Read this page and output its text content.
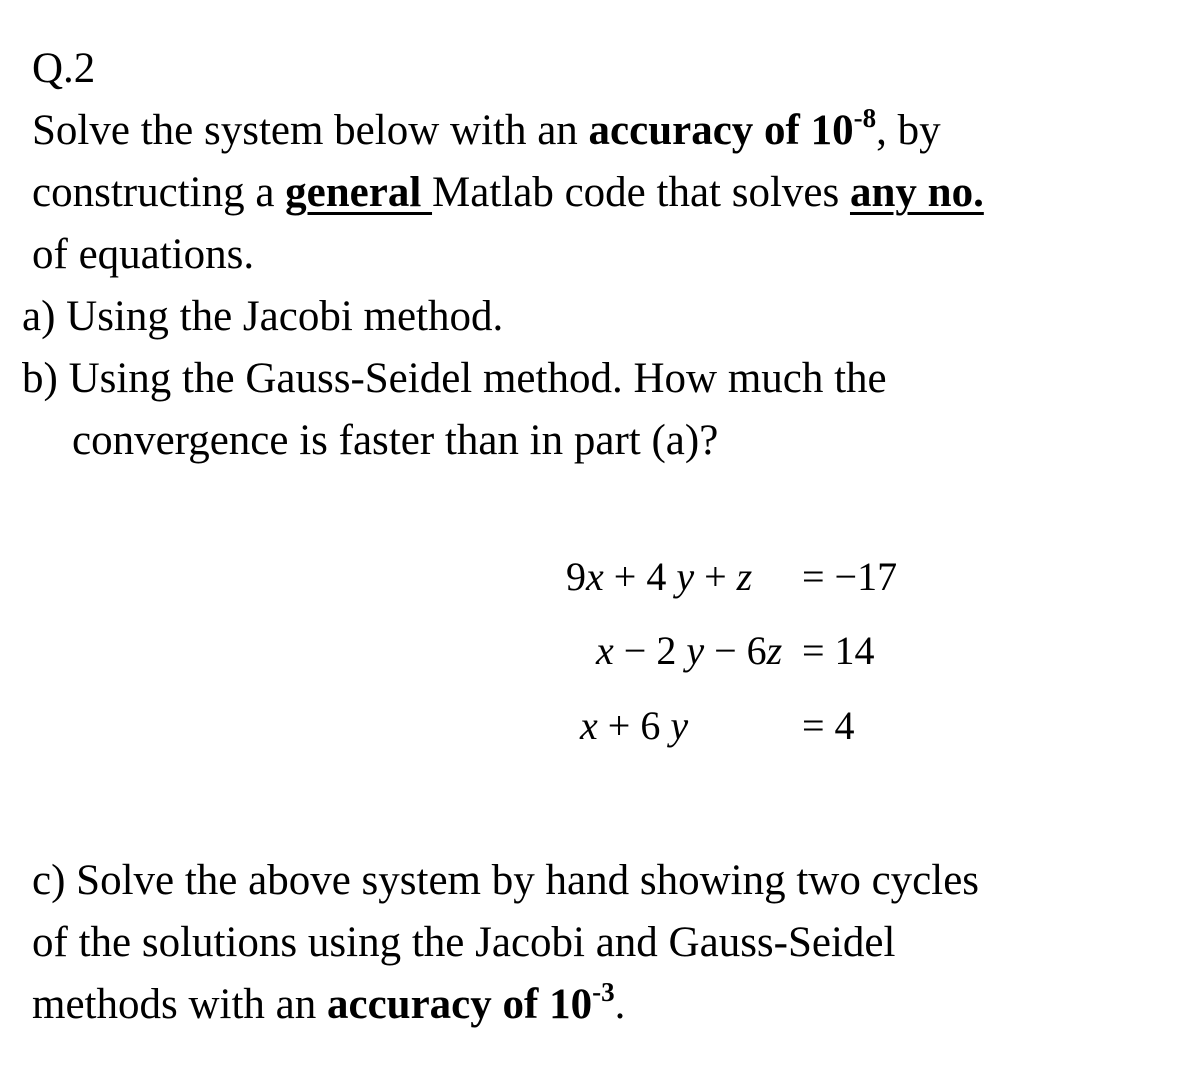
Q.2
Solve the system below with an accuracy of $10^{-8}$, by
constructing a general Matlab code that solves any no.
of equations.
a) Using the Jacobi method.
b) Using the Gauss-Seidel method. How much the
convergence is faster than in part (a)?
9x + 4 y + z = −17
x − 2 y − 6z = 14
x + 6 y	= 4
c) Solve the above system by hand showing two cycles
of the solutions using the Jacobi and Gauss-Seidel
methods with an accuracy of $10^{-3}$.
